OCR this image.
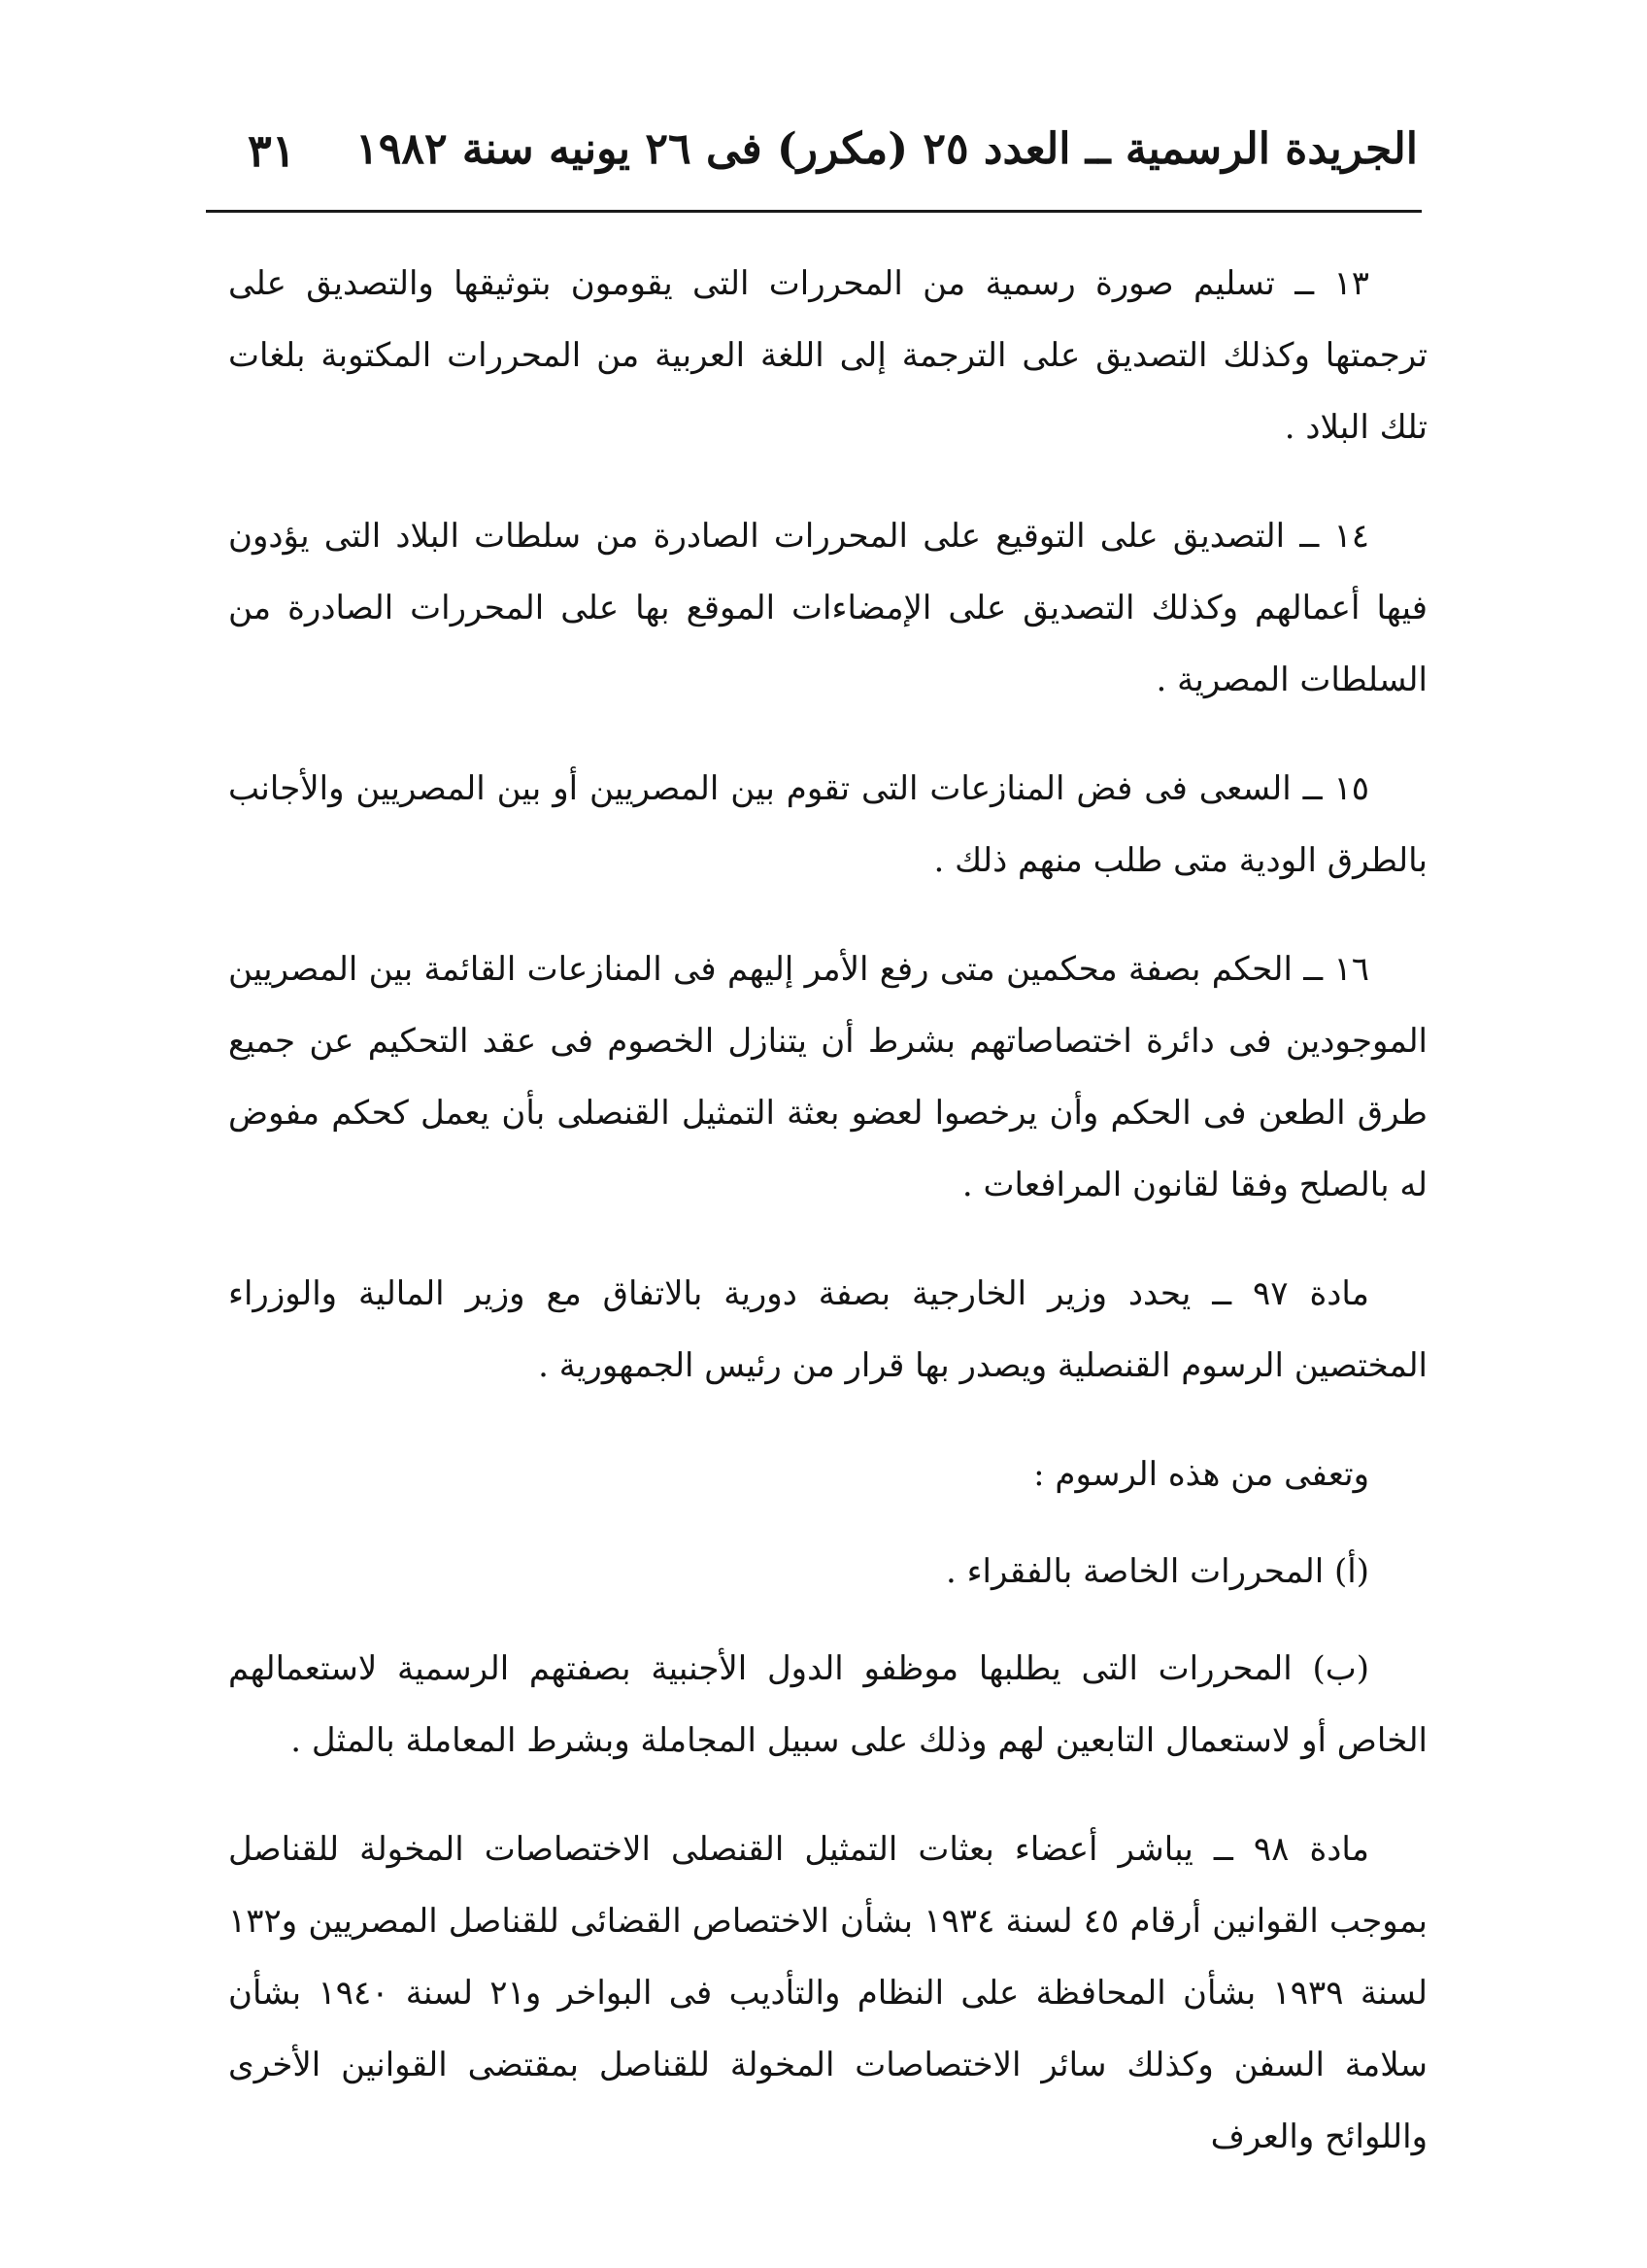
الجريدة الرسمية ــ العدد ٢٥ (مكرر) فى ٢٦ يونيه سنة ١٩٨٢
٣١

١٣ ــ تسليم صورة رسمية من المحررات التى يقومون بتوثيقها والتصديق على ترجمتها وكذلك التصديق على الترجمة إلى اللغة العربية من المحررات المكتوبة بلغات تلك البلاد .

١٤ ــ التصديق على التوقيع على المحررات الصادرة من سلطات البلاد التى يؤدون فيها أعمالهم وكذلك التصديق على الإمضاءات الموقع بها على المحررات الصادرة من السلطات المصرية .

١٥ ــ السعى فى فض المنازعات التى تقوم بين المصريين أو بين المصريين والأجانب بالطرق الودية متى طلب منهم ذلك .

١٦ ــ الحكم بصفة محكمين متى رفع الأمر إليهم فى المنازعات القائمة بين المصريين الموجودين فى دائرة اختصاصاتهم بشرط أن يتنازل الخصوم فى عقد التحكيم عن جميع طرق الطعن فى الحكم وأن يرخصوا لعضو بعثة التمثيل القنصلى بأن يعمل كحكم مفوض له بالصلح وفقا لقانون المرافعات .

مادة ٩٧ ــ يحدد وزير الخارجية بصفة دورية بالاتفاق مع وزير المالية والوزراء المختصين الرسوم القنصلية ويصدر بها قرار من رئيس الجمهورية .

وتعفى من هذه الرسوم :

(أ) المحررات الخاصة بالفقراء .

(ب) المحررات التى يطلبها موظفو الدول الأجنبية بصفتهم الرسمية لاستعمالهم الخاص أو لاستعمال التابعين لهم وذلك على سبيل المجاملة وبشرط المعاملة بالمثل .

مادة ٩٨ ــ يباشر أعضاء بعثات التمثيل القنصلى الاختصاصات المخولة للقناصل بموجب القوانين أرقام ٤٥ لسنة ١٩٣٤ بشأن الاختصاص القضائى للقناصل المصريين و١٣٢ لسنة ١٩٣٩ بشأن المحافظة على النظام والتأديب فى البواخر و٢١ لسنة ١٩٤٠ بشأن سلامة السفن وكذلك سائر الاختصاصات المخولة للقناصل بمقتضى القوانين الأخرى واللوائح والعرف
